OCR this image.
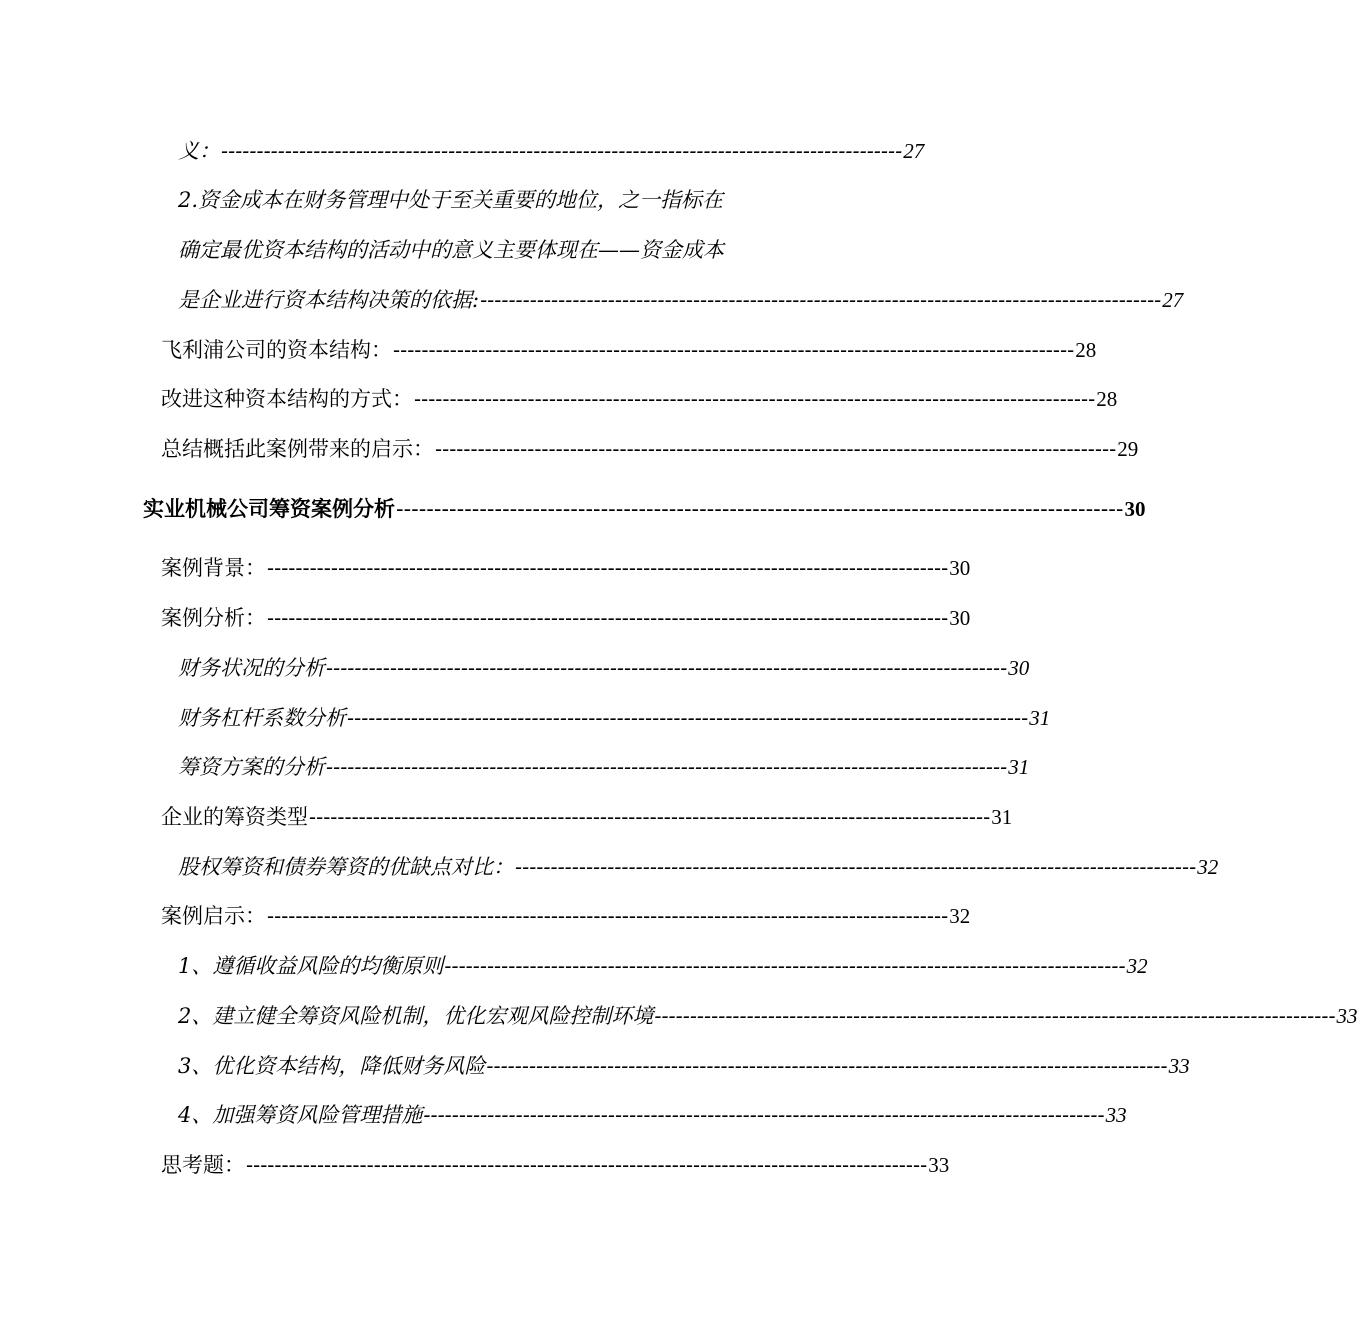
义： ------------------------------------------------------------------------------------------------ 27
2.资金成本在财务管理中处于至关重要的地位，之一指标在
确定最优资本结构的活动中的意义主要体现在——资金成本
是企业进行资本结构决策的依据: ------------------------------------------------------------------------------------------------ 27
飞利浦公司的资本结构： ------------------------------------------------------------------------------------------------ 28
改进这种资本结构的方式： ------------------------------------------------------------------------------------------------ 28
总结概括此案例带来的启示： ------------------------------------------------------------------------------------------------ 29
实业机械公司筹资案例分析 ------------------------------------------------------------------------------------------------ 30
案例背景： ------------------------------------------------------------------------------------------------ 30
案例分析： ------------------------------------------------------------------------------------------------ 30
财务状况的分析 ------------------------------------------------------------------------------------------------ 30
财务杠杆系数分析 ------------------------------------------------------------------------------------------------ 31
筹资方案的分析 ------------------------------------------------------------------------------------------------ 31
企业的筹资类型 ------------------------------------------------------------------------------------------------ 31
股权筹资和债券筹资的优缺点对比： ------------------------------------------------------------------------------------------------ 32
案例启示： ------------------------------------------------------------------------------------------------ 32
1、遵循收益风险的均衡原则 ------------------------------------------------------------------------------------------------ 32
2、建立健全筹资风险机制，优化宏观风险控制环境 ------------------------------------------------------------------------------------------------ 33
3、优化资本结构，降低财务风险 ------------------------------------------------------------------------------------------------ 33
4、加强筹资风险管理措施 ------------------------------------------------------------------------------------------------ 33
思考题： ------------------------------------------------------------------------------------------------ 33
